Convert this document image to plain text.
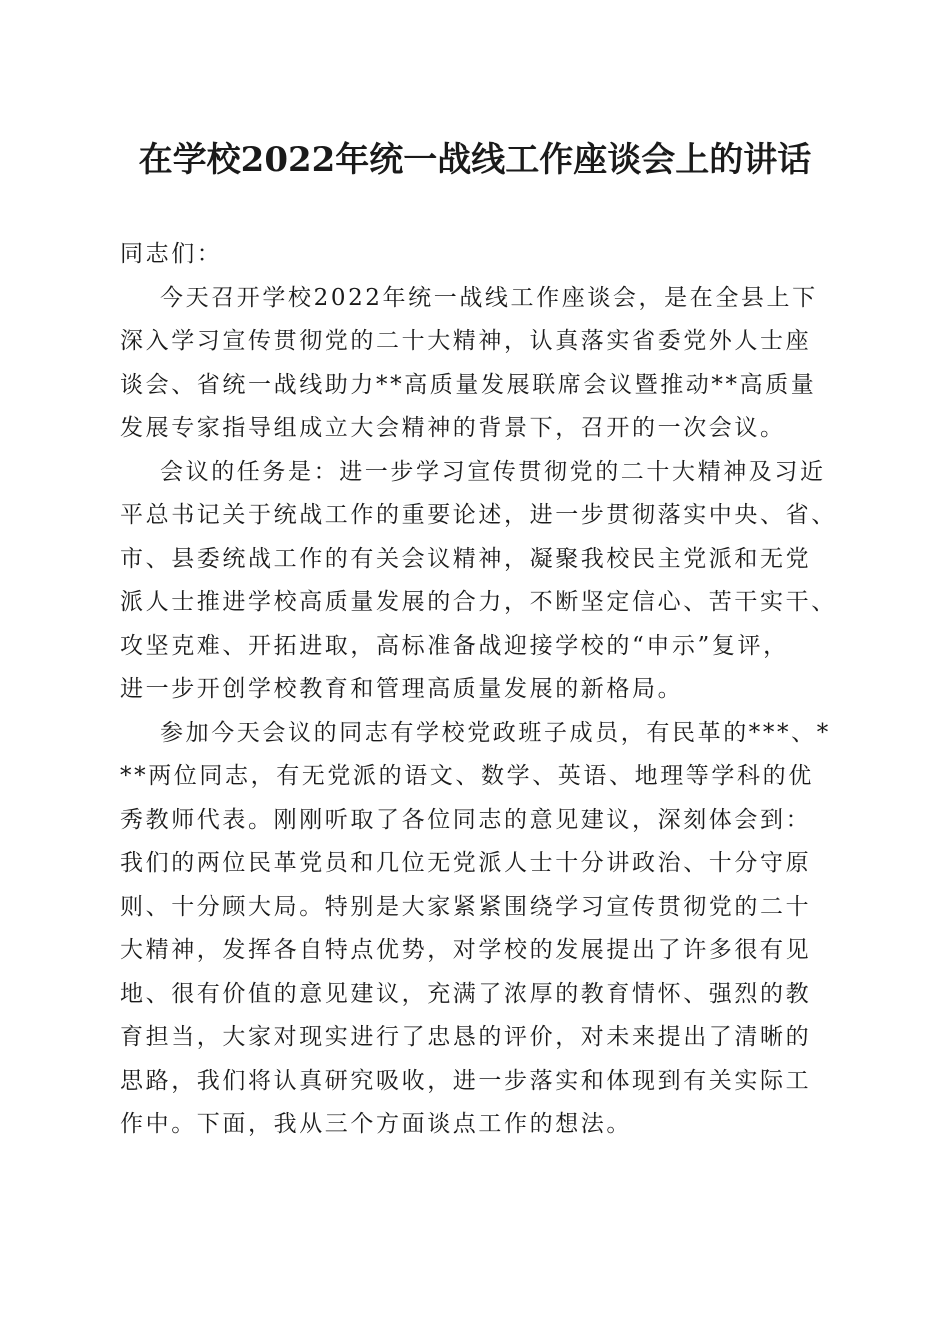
在学校2022年统一战线工作座谈会上的讲话
同志们：
今天召开学校2022年统一战线工作座谈会，是在全县上下
深入学习宣传贯彻党的二十大精神，认真落实省委党外人士座
谈会、省统一战线助力**高质量发展联席会议暨推动**高质量
发展专家指导组成立大会精神的背景下，召开的一次会议。
会议的任务是：进一步学习宣传贯彻党的二十大精神及习近
平总书记关于统战工作的重要论述，进一步贯彻落实中央、省、
市、县委统战工作的有关会议精神，凝聚我校民主党派和无党
派人士推进学校高质量发展的合力，不断坚定信心、苦干实干、
攻坚克难、开拓进取，高标准备战迎接学校的“申示”复评，
进一步开创学校教育和管理高质量发展的新格局。
参加今天会议的同志有学校党政班子成员，有民革的***、*
**两位同志，有无党派的语文、数学、英语、地理等学科的优
秀教师代表。刚刚听取了各位同志的意见建议，深刻体会到：
我们的两位民革党员和几位无党派人士十分讲政治、十分守原
则、十分顾大局。特别是大家紧紧围绕学习宣传贯彻党的二十
大精神，发挥各自特点优势，对学校的发展提出了许多很有见
地、很有价值的意见建议，充满了浓厚的教育情怀、强烈的教
育担当，大家对现实进行了忠恳的评价，对未来提出了清晰的
思路，我们将认真研究吸收，进一步落实和体现到有关实际工
作中。下面，我从三个方面谈点工作的想法。
